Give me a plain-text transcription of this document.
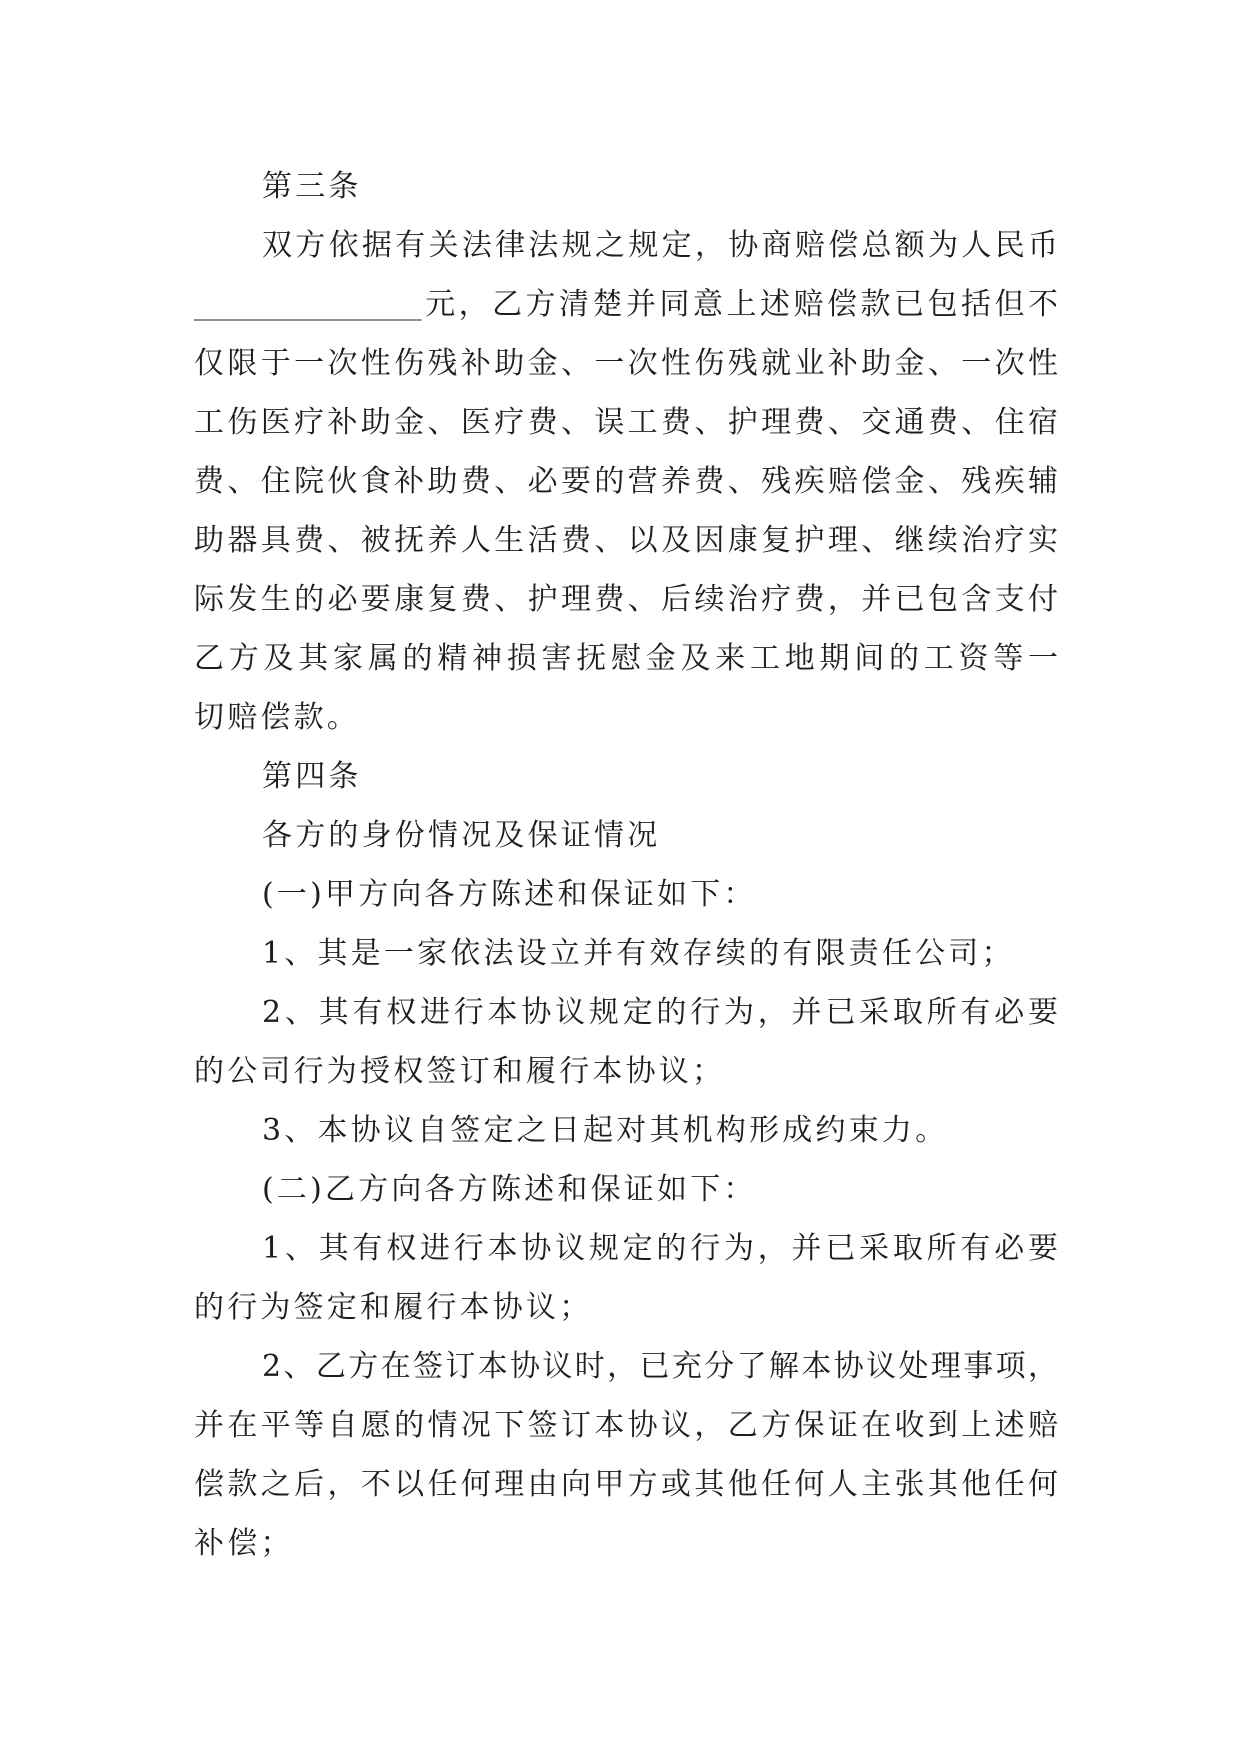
第三条
双方依据有关法律法规之规定，协商赔偿总额为人民币
______________元，乙方清楚并同意上述赔偿款已包括但不
仅限于一次性伤残补助金、一次性伤残就业补助金、一次性
工伤医疗补助金、医疗费、误工费、护理费、交通费、住宿
费、住院伙食补助费、必要的营养费、残疾赔偿金、残疾辅
助器具费、被抚养人生活费、以及因康复护理、继续治疗实
际发生的必要康复费、护理费、后续治疗费，并已包含支付
乙方及其家属的精神损害抚慰金及来工地期间的工资等一
切赔偿款。
第四条
各方的身份情况及保证情况
(一)甲方向各方陈述和保证如下：
1、其是一家依法设立并有效存续的有限责任公司；
2、其有权进行本协议规定的行为，并已采取所有必要
的公司行为授权签订和履行本协议；
3、本协议自签定之日起对其机构形成约束力。
(二)乙方向各方陈述和保证如下：
1、其有权进行本协议规定的行为，并已采取所有必要
的行为签定和履行本协议；
2、乙方在签订本协议时，已充分了解本协议处理事项，
并在平等自愿的情况下签订本协议，乙方保证在收到上述赔
偿款之后，不以任何理由向甲方或其他任何人主张其他任何
补偿；
